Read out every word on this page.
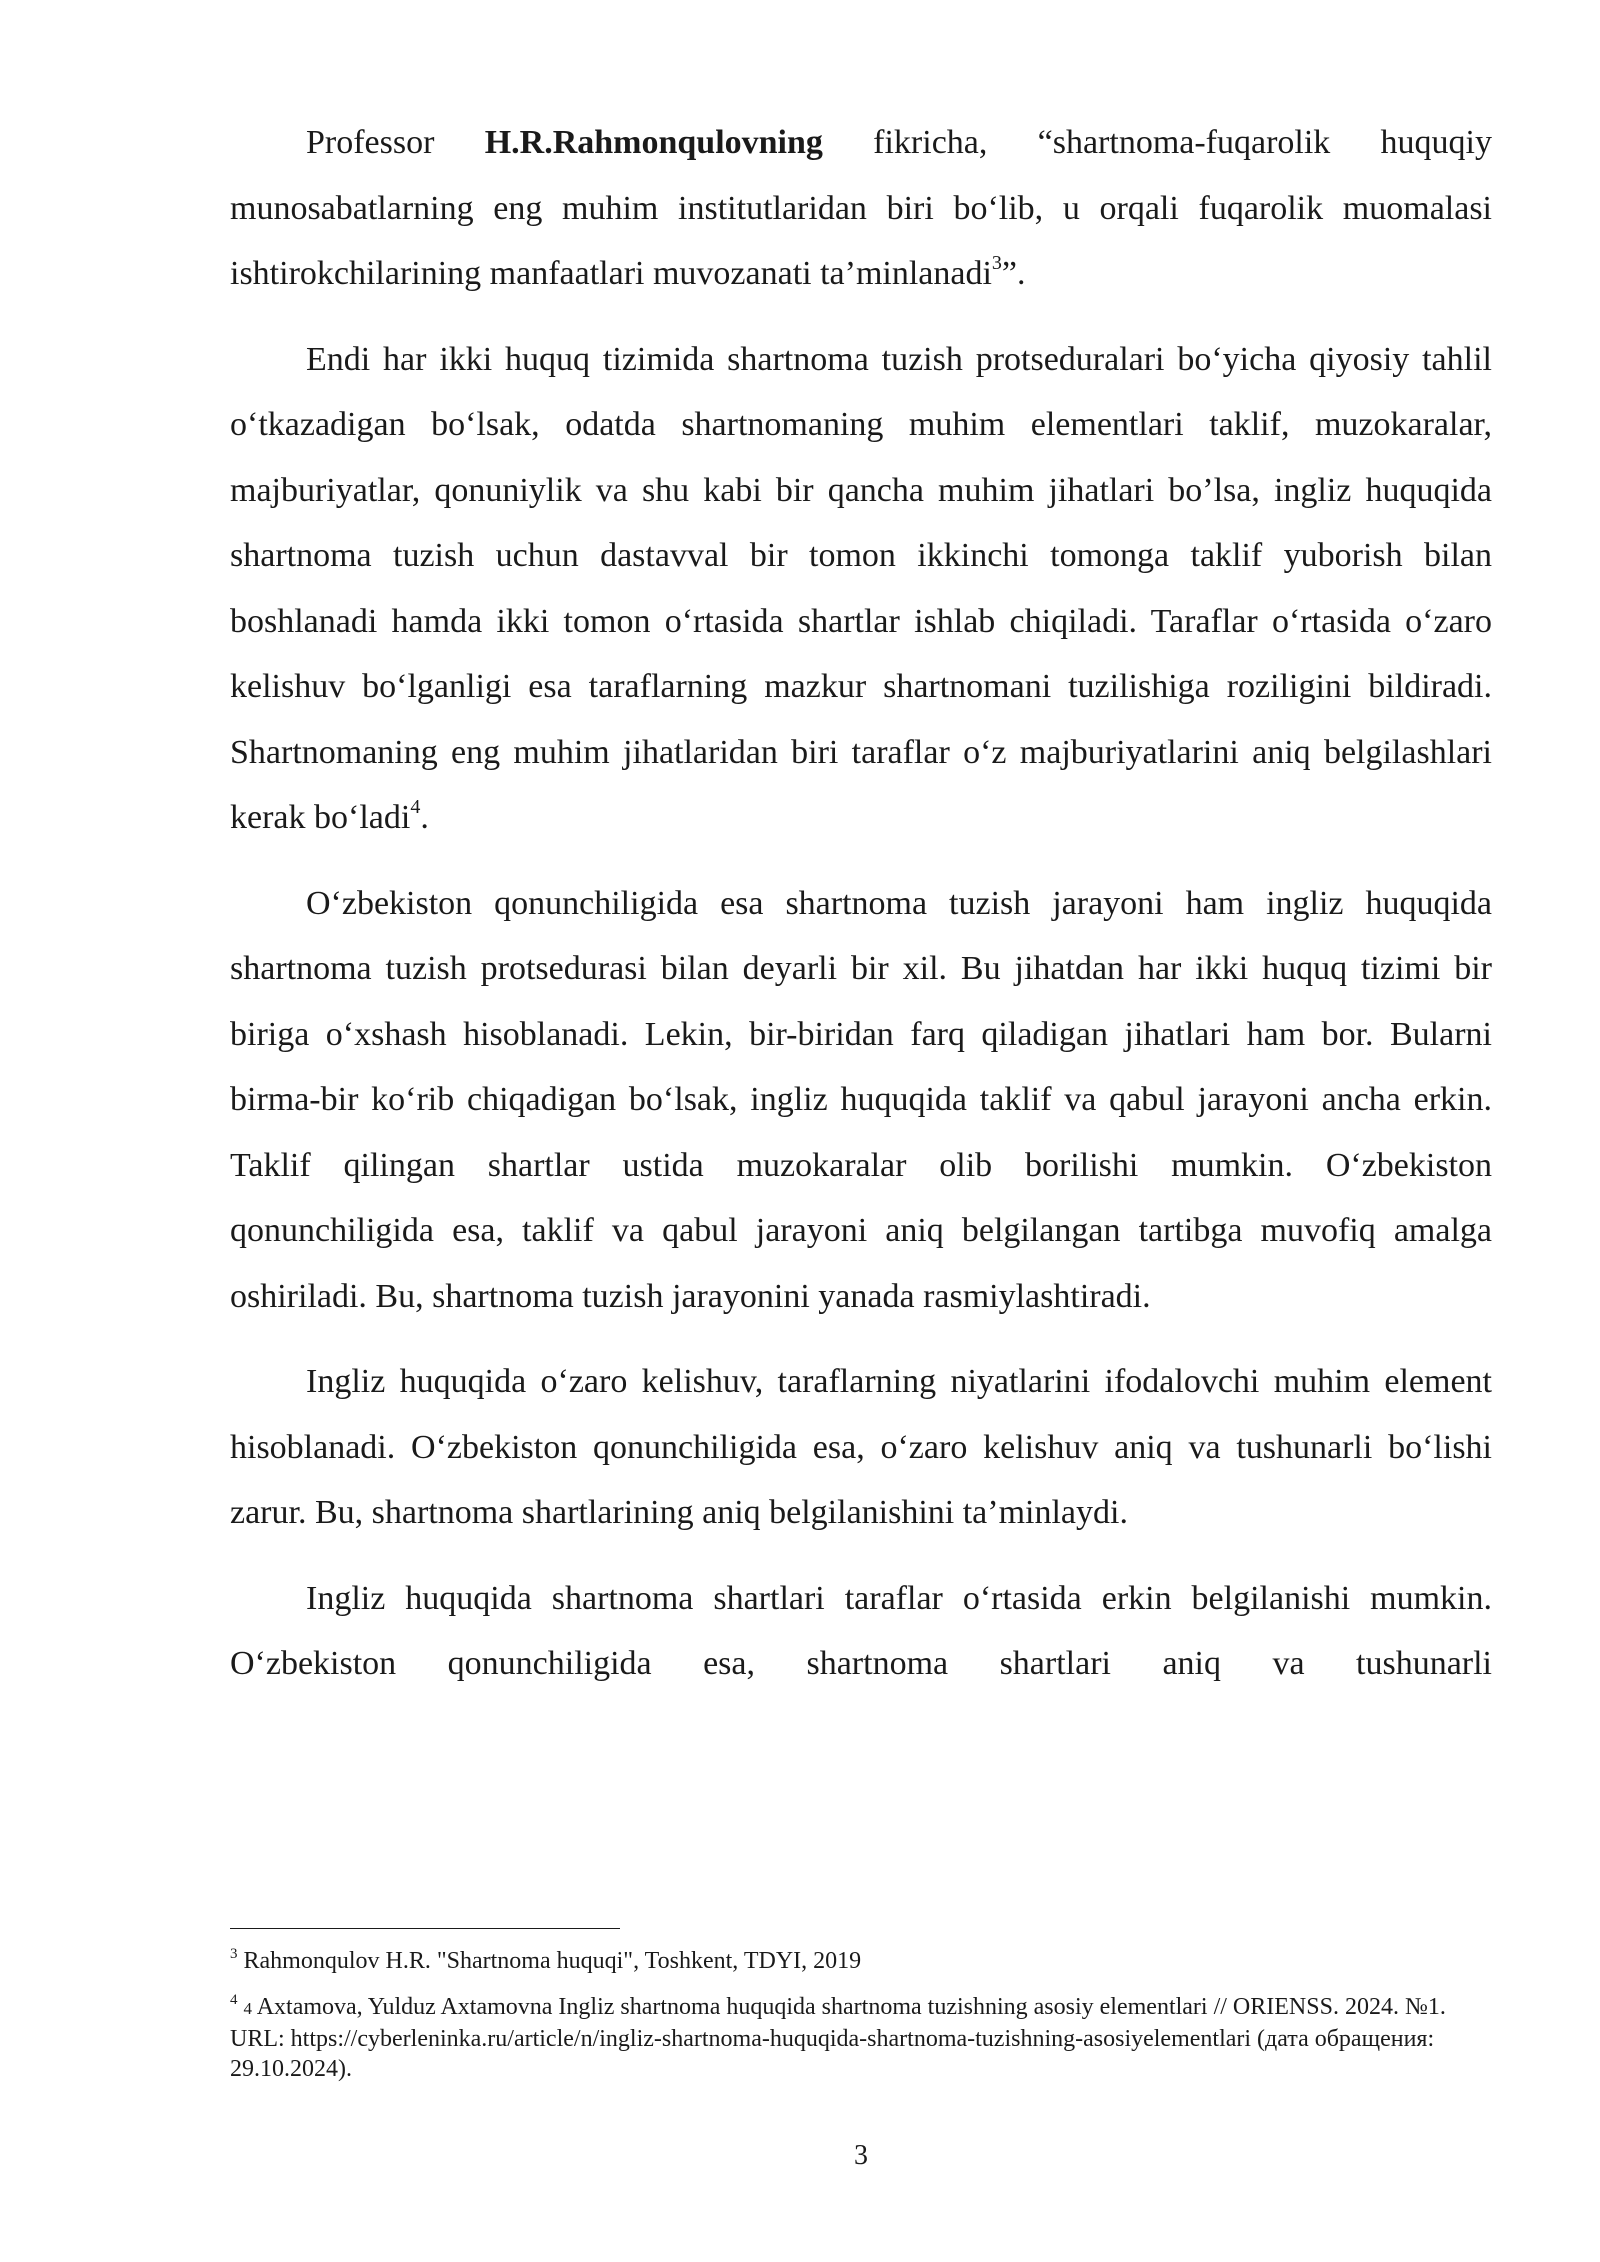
Professor H.R.Rahmonqulovning fikricha, “shartnoma-fuqarolik huquqiy munosabatlarning eng muhim institutlaridan biri boʻlib, u orqali fuqarolik muomalasi ishtirokchilarining manfaatlari muvozanati ta’minlanadi$^3$”.

Endi har ikki huquq tizimida shartnoma tuzish protseduralari boʻyicha qiyosiy tahlil oʻtkazadigan boʻlsak, odatda shartnomaning muhim elementlari taklif, muzokaralar, majburiyatlar, qonuniylik va shu kabi bir qancha muhim jihatlari bo’lsa, ingliz huquqida shartnoma tuzish uchun dastavval bir tomon ikkinchi tomonga taklif yuborish bilan boshlanadi hamda ikki tomon oʻrtasida shartlar ishlab chiqiladi. Taraflar oʻrtasida oʻzaro kelishuv boʻlganligi esa taraflarning mazkur shartnomani tuzilishiga roziligini bildiradi. Shartnomaning eng muhim jihatlaridan biri taraflar oʻz majburiyatlarini aniq belgilashlari kerak boʻladi$^4$.

Oʻzbekiston qonunchiligida esa shartnoma tuzish jarayoni ham ingliz huquqida shartnoma tuzish protsedurasi bilan deyarli bir xil. Bu jihatdan har ikki huquq tizimi bir biriga oʻxshash hisoblanadi. Lekin, bir-biridan farq qiladigan jihatlari ham bor. Bularni birma-bir koʻrib chiqadigan boʻlsak, ingliz huquqida taklif va qabul jarayoni ancha erkin. Taklif qilingan shartlar ustida muzokaralar olib borilishi mumkin. Oʻzbekiston qonunchiligida esa, taklif va qabul jarayoni aniq belgilangan tartibga muvofiq amalga oshiriladi. Bu, shartnoma tuzish jarayonini yanada rasmiylashtiradi.

Ingliz huquqida oʻzaro kelishuv, taraflarning niyatlarini ifodalovchi muhim element hisoblanadi. Oʻzbekiston qonunchiligida esa, oʻzaro kelishuv aniq va tushunarli boʻlishi zarur. Bu, shartnoma shartlarining aniq belgilanishini ta’minlaydi.

Ingliz huquqida shartnoma shartlari taraflar oʻrtasida erkin belgilanishi mumkin. Oʻzbekiston qonunchiligida esa, shartnoma shartlari aniq va tushunarli

$^3$ Rahmonqulov H.R. "Shartnoma huquqi", Toshkent, TDYI, 2019

$^4$ 4 Axtamova, Yulduz Axtamovna Ingliz shartnoma huquqida shartnoma tuzishning asosiy elementlari // ORIENSS. 2024. №1. URL: https://cyberleninka.ru/article/n/ingliz-shartnoma-huquqida-shartnoma-tuzishning-asosiyelementlari (дата обращения: 29.10.2024).

3
